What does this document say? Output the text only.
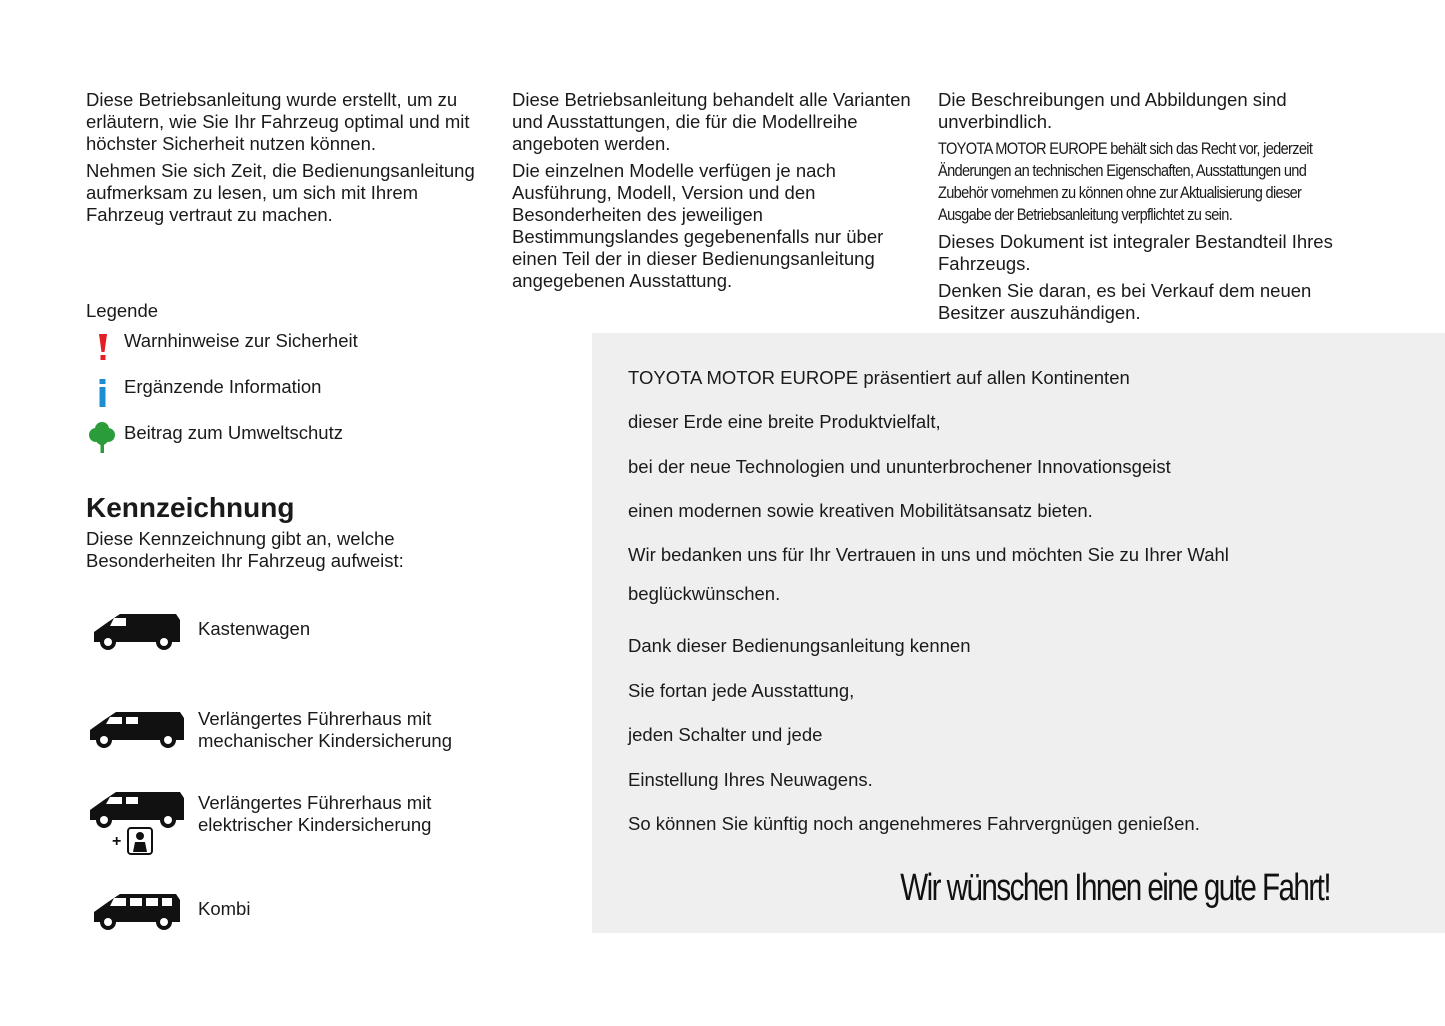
Diese Betriebsanleitung wurde erstellt, um zu erläutern, wie Sie Ihr Fahrzeug optimal und mit höchster Sicherheit nutzen können.

Nehmen Sie sich Zeit, die Bedienungsanleitung aufmerksam zu lesen, um sich mit Ihrem Fahrzeug vertraut zu machen.

Diese Betriebsanleitung behandelt alle Varianten und Ausstattungen, die für die Modellreihe angeboten werden.

Die einzelnen Modelle verfügen je nach Ausführung, Modell, Version und den Besonderheiten des jeweiligen Bestimmungslandes gegebenenfalls nur über einen Teil der in dieser Bedienungsanleitung angegebenen Ausstattung.

Die Beschreibungen und Abbildungen sind unverbindlich.

TOYOTA MOTOR EUROPE behält sich das Recht vor, jederzeit Änderungen an technischen Eigenschaften, Ausstattungen und Zubehör vornehmen zu können ohne zur Aktualisierung dieser Ausgabe der Betriebsanleitung verpflichtet zu sein.

Dieses Dokument ist integraler Bestandteil Ihres Fahrzeugs.

Denken Sie daran, es bei Verkauf dem neuen Besitzer auszuhändigen.

Legende
Warnhinweise zur Sicherheit
Ergänzende Information
Beitrag zum Umweltschutz
Kennzeichnung

Diese Kennzeichnung gibt an, welche Besonderheiten Ihr Fahrzeug aufweist:

Kastenwagen
Verlängertes Führerhaus mit
mechanischer Kindersicherung
+
Verlängertes Führerhaus mit
elektrischer Kindersicherung
Kombi

TOYOTA MOTOR EUROPE präsentiert auf allen Kontinenten

dieser Erde eine breite Produktvielfalt,

bei der neue Technologien und ununterbrochener Innovationsgeist

einen modernen sowie kreativen Mobilitätsansatz bieten.

Wir bedanken uns für Ihr Vertrauen in uns und möchten Sie zu Ihrer Wahl

beglückwünschen.

Dank dieser Bedienungsanleitung kennen

Sie fortan jede Ausstattung,

jeden Schalter und jede

Einstellung Ihres Neuwagens.

So können Sie künftig noch angenehmeres Fahrvergnügen genießen.

Wir wünschen Ihnen eine gute Fahrt!
